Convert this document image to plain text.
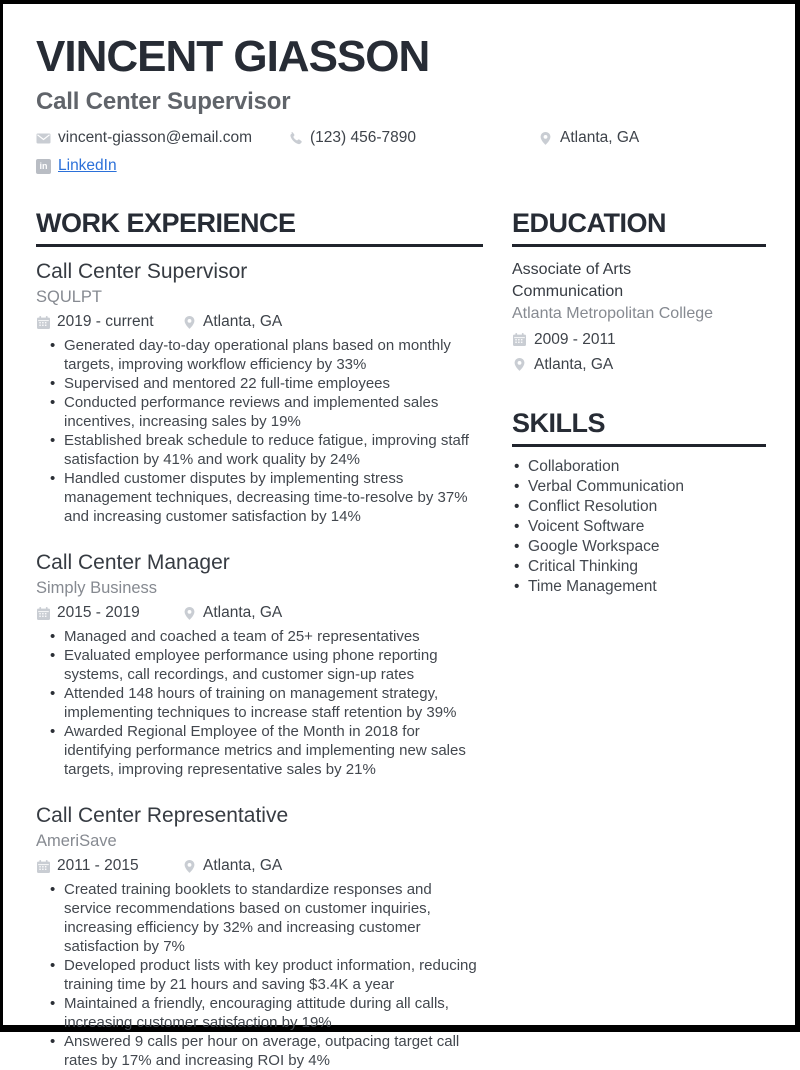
VINCENT GIASSON
Call Center Supervisor
vincent-giasson@email.com	(123) 456-7890	Atlanta, GA
in LinkedIn
WORK EXPERIENCE
Call Center Supervisor
SQULPT
2019 - current	Atlanta, GA
• Generated day-to-day operational plans based on monthly targets, improving workflow efficiency by 33%
• Supervised and mentored 22 full-time employees
• Conducted performance reviews and implemented sales incentives, increasing sales by 19%
• Established break schedule to reduce fatigue, improving staff satisfaction by 41% and work quality by 24%
• Handled customer disputes by implementing stress management techniques, decreasing time-to-resolve by 37% and increasing customer satisfaction by 14%
Call Center Manager
Simply Business
2015 - 2019	Atlanta, GA
• Managed and coached a team of 25+ representatives
• Evaluated employee performance using phone reporting systems, call recordings, and customer sign-up rates
• Attended 148 hours of training on management strategy, implementing techniques to increase staff retention by 39%
• Awarded Regional Employee of the Month in 2018 for identifying performance metrics and implementing new sales targets, improving representative sales by 21%
Call Center Representative
AmeriSave
2011 - 2015	Atlanta, GA
• Created training booklets to standardize responses and service recommendations based on customer inquiries, increasing efficiency by 32% and increasing customer satisfaction by 7%
• Developed product lists with key product information, reducing training time by 21 hours and saving $3.4K a year
• Maintained a friendly, encouraging attitude during all calls, increasing customer satisfaction by 19%
• Answered 9 calls per hour on average, outpacing target call rates by 17% and increasing ROI by 4%
EDUCATION
Associate of Arts
Communication
Atlanta Metropolitan College
2009 - 2011
Atlanta, GA
SKILLS
• Collaboration
• Verbal Communication
• Conflict Resolution
• Voicent Software
• Google Workspace
• Critical Thinking
• Time Management
